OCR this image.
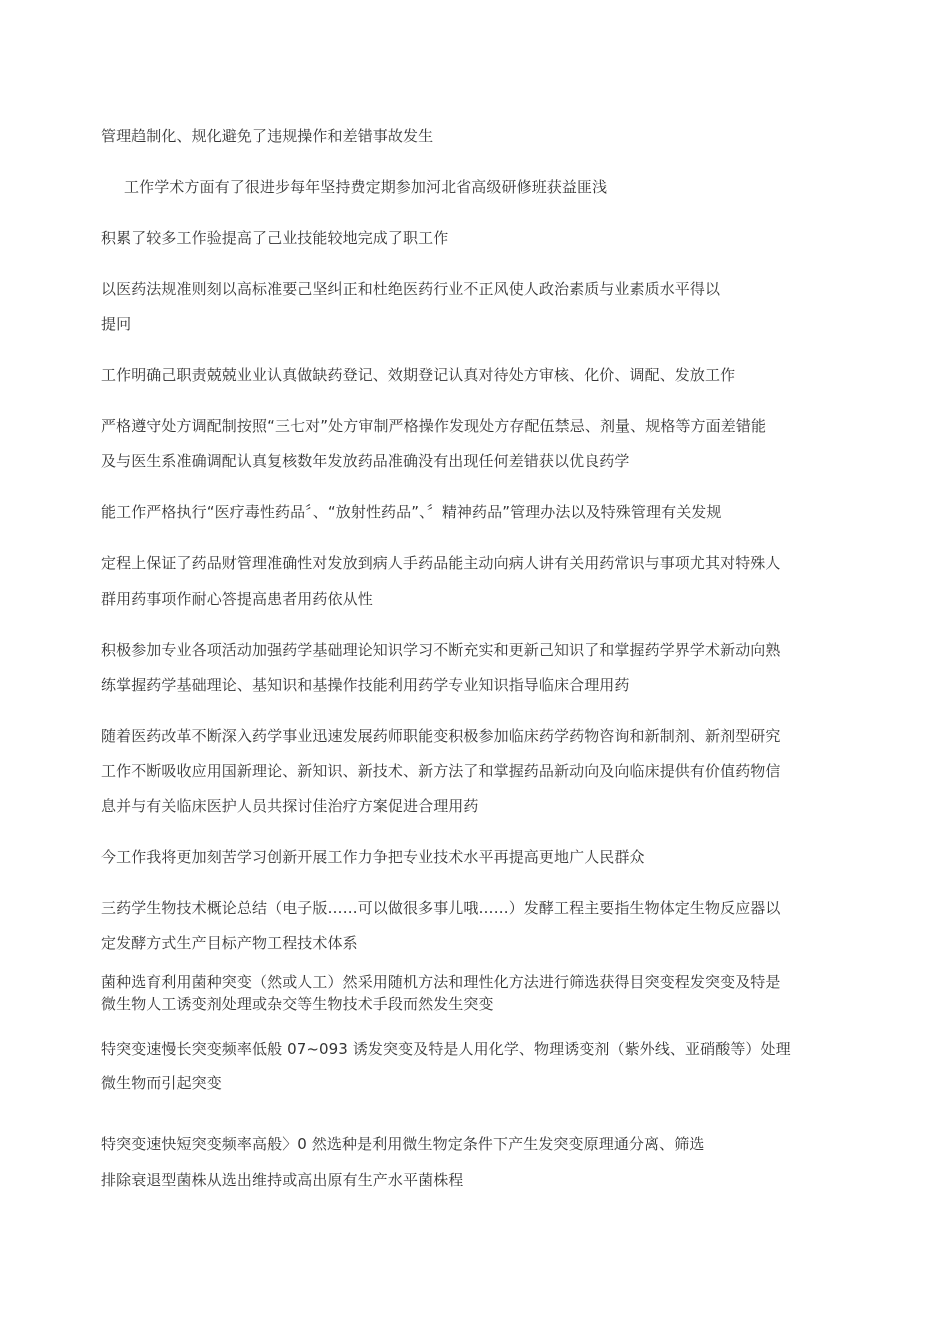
管理趋制化、规化避免了违规操作和差错事故发生
工作学术方面有了很进步每年坚持费定期参加河北省高级研修班获益匪浅
积累了较多工作验提高了己业技能较地完成了职工作
以医药法规准则刻以高标准要己坚纠正和杜绝医药行业不正风使人政治素质与业素质水平得以
提冋
工作明确己职责兢兢业业认真做缺药登记、效期登记认真对待处方审核、化价、调配、发放工作
严格遵守处方调配制按照“三七对”处方审制严格操作发现处方存配伍禁忌、剂量、规格等方面差错能
及与医生系准确调配认真复核数年发放药品准确没有出现任何差错获以优良药学
能工作严格执行“医疗毒性药品〞、“放射性药品”、〞精神药品”管理办法以及特殊管理有关发规
定程上保证了药品财管理准确性对发放到病人手药品能主动向病人讲有关用药常识与事项尤其对特殊人
群用药事项作耐心答提高患者用药依从性
积极参加专业各项活动加强药学基础理论知识学习不断充实和更新己知识了和掌握药学界学术新动向熟
练掌握药学基础理论、基知识和基操作技能利用药学专业知识指导临床合理用药
随着医药改革不断深入药学事业迅速发展药师职能变积极参加临床药学药物咨询和新制剂、新剂型研究
工作不断吸收应用国新理论、新知识、新技术、新方法了和掌握药品新动向及向临床提供有价值药物信
息并与有关临床医护人员共探讨佳治疗方案促进合理用药
今工作我将更加刻苦学习创新开展工作力争把专业技术水平再提高更地广人民群众
三药学生物技术概论总结（电子版……可以做很多事儿哦……）发酵工程主要指生物体定生物反应器以
定发酵方式生产目标产物工程技术体系
菌种选育利用菌种突变（然或人工）然采用随机方法和理性化方法进行筛选获得目突变程发突变及特是
微生物人工诱变剂处理或杂交等生物技术手段而然发生突变
特突变速慢长突变频率低般 07~093 诱发突变及特是人用化学、物理诱变剂（紫外线、亚硝酸等）处理
微生物而引起突变
特突变速快短突变频率高般〉0 然选种是利用微生物定条件下产生发突变原理通分离、筛选
排除衰退型菌株从选出维持或高出原有生产水平菌株程
